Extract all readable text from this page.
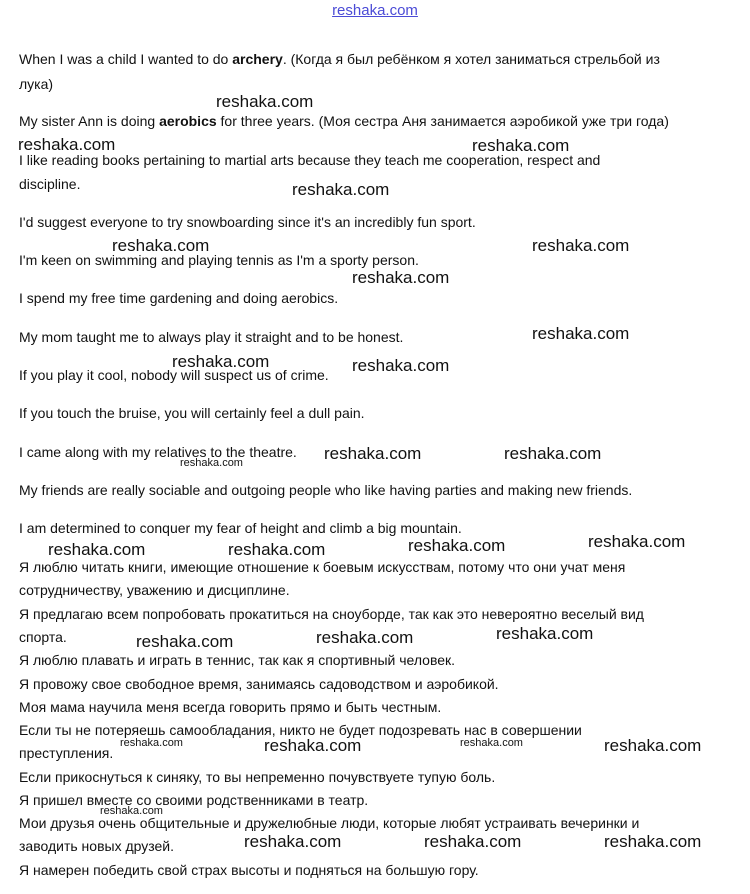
reshaka.com
When I was a child I wanted to do archery. (Когда я был ребёнком я хотел заниматься стрельбой из
лука)
My sister Ann is doing aerobics for three years. (Моя сестра Аня занимается аэробикой уже три года)
I like reading books pertaining to martial arts because they teach me cooperation, respect and
discipline.
I'd suggest everyone to try snowboarding since it's an incredibly fun sport.
I'm keen on swimming and playing tennis as I'm a sporty person.
I spend my free time gardening and doing aerobics.
My mom taught me to always play it straight and to be honest.
If you play it cool, nobody will suspect us of crime.
If you touch the bruise, you will certainly feel a dull pain.
I came along with my relatives to the theatre.
My friends are really sociable and outgoing people who like having parties and making new friends.
I am determined to conquer my fear of height and climb a big mountain.
Я люблю читать книги, имеющие отношение к боевым искусствам, потому что они учат меня
сотрудничеству, уважению и дисциплине.
Я предлагаю всем попробовать прокатиться на сноуборде, так как это невероятно веселый вид
спорта.
Я люблю плавать и играть в теннис, так как я спортивный человек.
Я провожу свое свободное время, занимаясь садоводством и аэробикой.
Моя мама научила меня всегда говорить прямо и быть честным.
Если ты не потеряешь самообладания, никто не будет подозревать нас в совершении
преступления.
Если прикоснуться к синяку, то вы непременно почувствуете тупую боль.
Я пришел вместе со своими родственниками в театр.
Мои друзья очень общительные и дружелюбные люди, которые любят устраивать вечеринки и
заводить новых друзей.
Я намерен победить свой страх высоты и подняться на большую гору.
reshaka.com
reshaka.com	reshaka.com
reshaka.com
reshaka.com	reshaka.com
reshaka.com
reshaka.com
reshaka.com	reshaka.com
reshaka.com	reshaka.com
reshaka.com
reshaka.com	reshaka.com	reshaka.com	reshaka.com
reshaka.com	reshaka.com	reshaka.com
reshaka.com	reshaka.com	reshaka.com	reshaka.com
reshaka.com
reshaka.com	reshaka.com	reshaka.com
